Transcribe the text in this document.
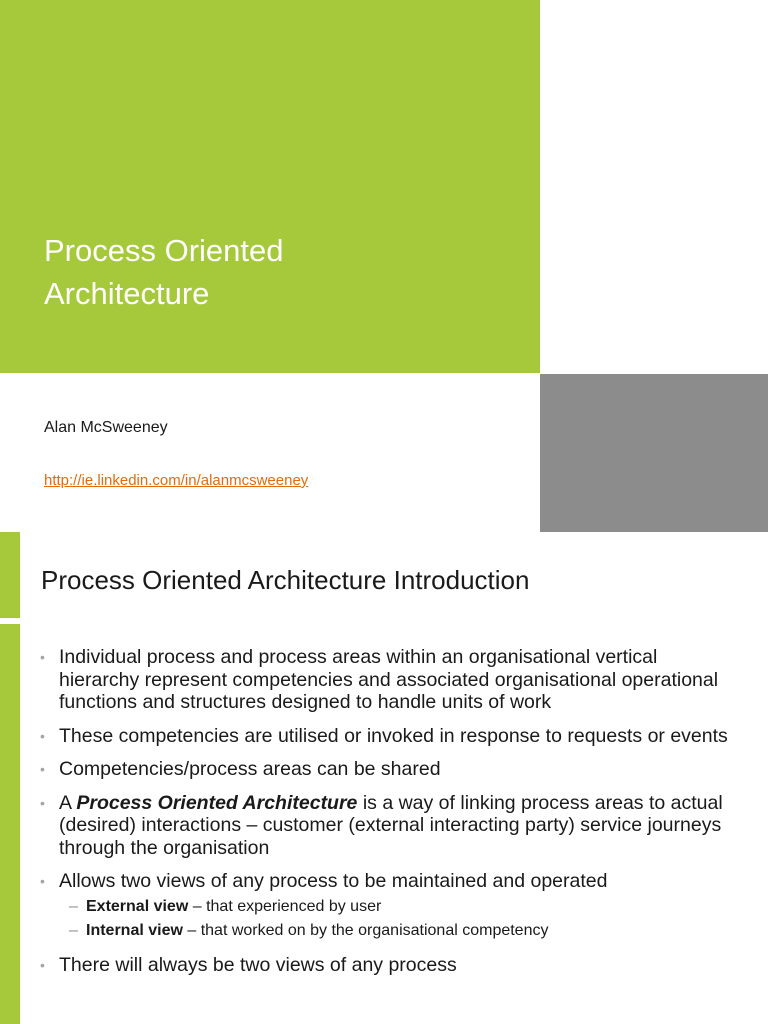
Process Oriented
Architecture
Alan McSweeney
http://ie.linkedin.com/in/alanmcsweeney
Process Oriented Architecture Introduction
• Individual process and process areas within an organisational vertical hierarchy represent competencies and associated organisational operational functions and structures designed to handle units of work
• These competencies are utilised or invoked in response to requests or events
• Competencies/process areas can be shared
• A Process Oriented Architecture is a way of linking process areas to actual (desired) interactions – customer (external interacting party) service journeys through the organisation
• Allows two views of any process to be maintained and operated
– External view – that experienced by user
– Internal view – that worked on by the organisational competency
• There will always be two views of any process
